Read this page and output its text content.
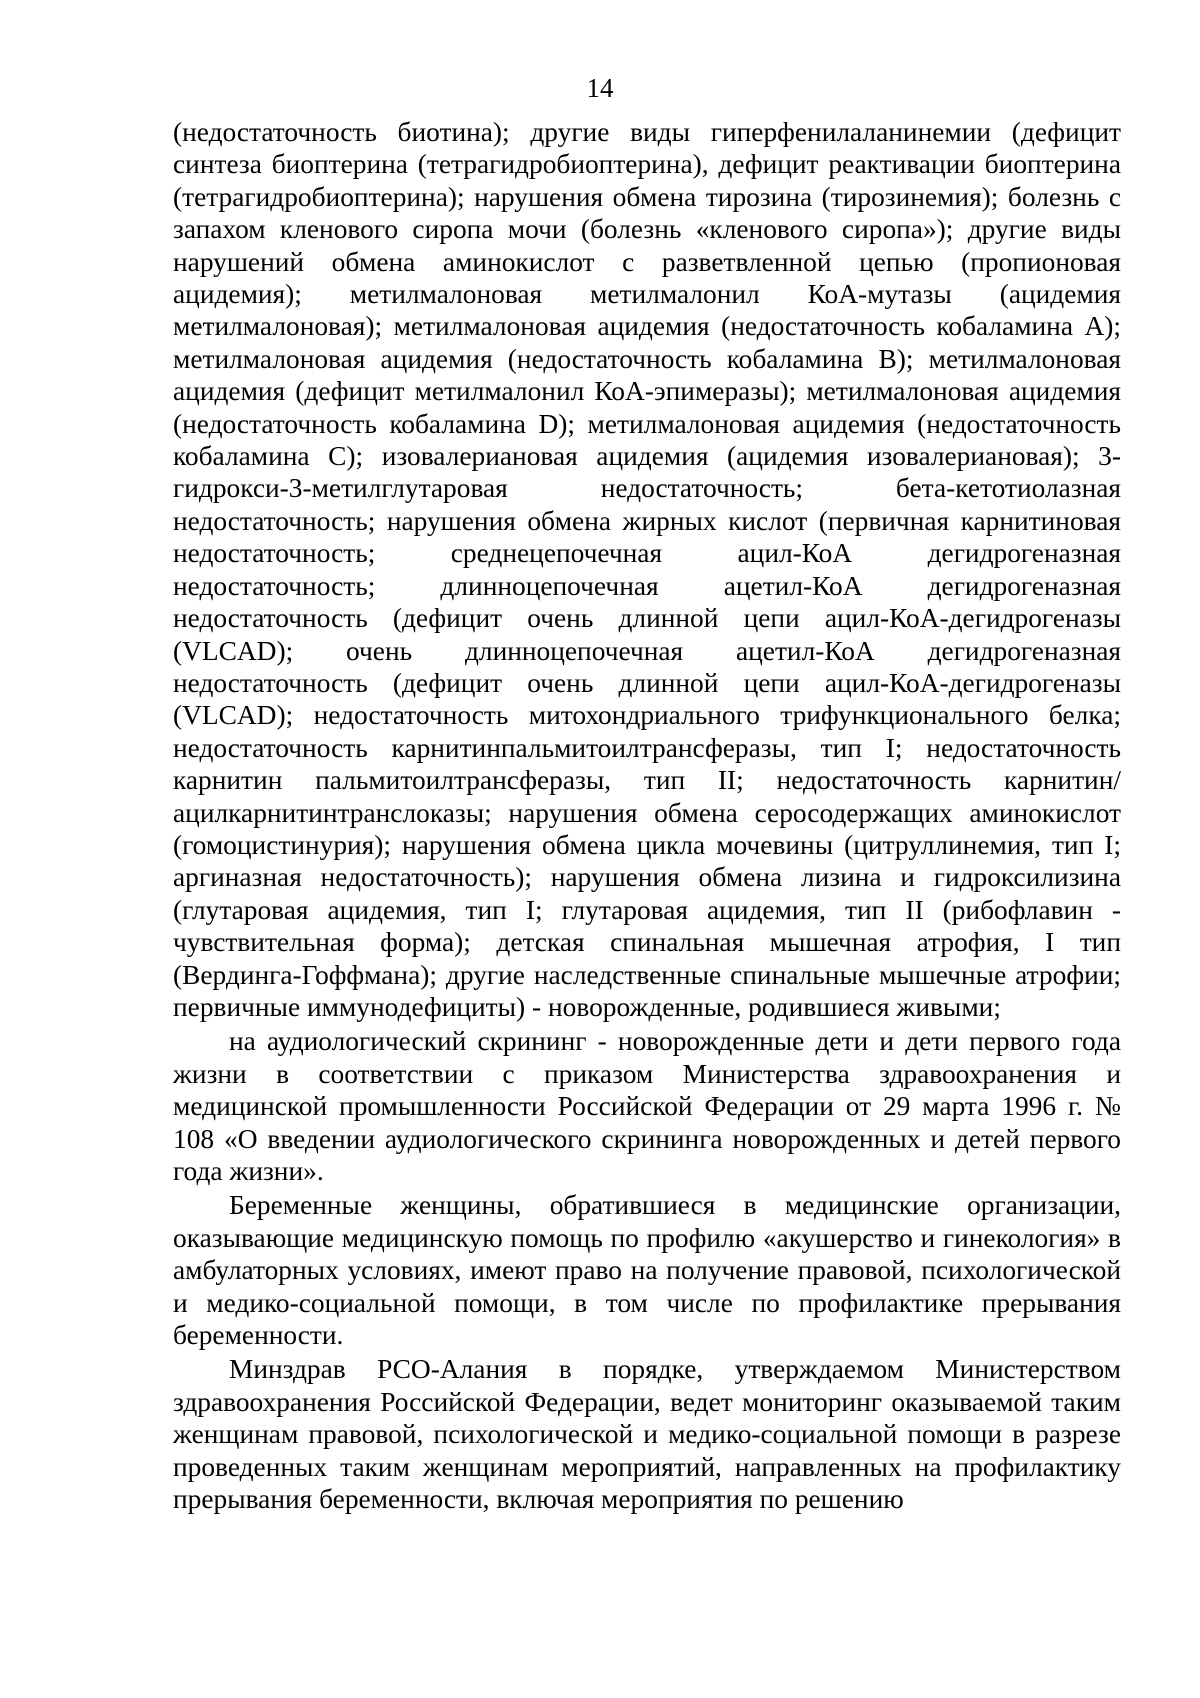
14

(недостаточность биотина); другие виды гиперфенилаланинемии (дефицит синтеза биоптерина (тетрагидробиоптерина), дефицит реактивации биоптерина (тетрагидробиоптерина); нарушения обмена тирозина (тирозинемия); болезнь с запахом кленового сиропа мочи (болезнь «кленового сиропа»); другие виды нарушений обмена аминокислот с разветвленной цепью (пропионовая ацидемия); метилмалоновая метилмалонил КоА-мутазы (ацидемия метилмалоновая); метилмалоновая ацидемия (недостаточность кобаламина А); метилмалоновая ацидемия (недостаточность кобаламина В); метилмалоновая ацидемия (дефицит метилмалонил КоА-эпимеразы); метилмалоновая ацидемия (недостаточность кобаламина D); метилмалоновая ацидемия (недостаточность кобаламина С); изовалериановая ацидемия (ацидемия изовалериановая); 3-гидрокси-3-метилглутаровая недостаточность; бета-кетотиолазная недостаточность; нарушения обмена жирных кислот (первичная карнитиновая недостаточность; среднецепочечная ацил-КоА дегидрогеназная недостаточность; длинноцепочечная ацетил-КоА дегидрогеназная недостаточность (дефицит очень длинной цепи ацил-КоА-дегидрогеназы (VLCAD); очень длинноцепочечная ацетил-КоА дегидрогеназная недостаточность (дефицит очень длинной цепи ацил-КоА-дегидрогеназы (VLCAD); недостаточность митохондриального трифункционального белка; недостаточность карнитинпальмитоилтрансферазы, тип I; недостаточность карнитин пальмитоилтрансферазы, тип II; недостаточность карнитин/ацилкарнитинтранслоказы; нарушения обмена серосодержащих аминокислот (гомоцистинурия); нарушения обмена цикла мочевины (цитруллинемия, тип I; аргиназная недостаточность); нарушения обмена лизина и гидроксилизина (глутаровая ацидемия, тип I; глутаровая ацидемия, тип II (рибофлавин - чувствительная форма); детская спинальная мышечная атрофия, I тип (Вердинга-Гоффмана); другие наследственные спинальные мышечные атрофии; первичные иммунодефициты) - новорожденные, родившиеся живыми;

на аудиологический скрининг - новорожденные дети и дети первого года жизни в соответствии с приказом Министерства здравоохранения и медицинской промышленности Российской Федерации от 29 марта 1996 г. № 108 «О введении аудиологического скрининга новорожденных и детей первого года жизни».

Беременные женщины, обратившиеся в медицинские организации, оказывающие медицинскую помощь по профилю «акушерство и гинекология» в амбулаторных условиях, имеют право на получение правовой, психологической и медико-социальной помощи, в том числе по профилактике прерывания беременности.

Минздрав РСО-Алания в порядке, утверждаемом Министерством здравоохранения Российской Федерации, ведет мониторинг оказываемой таким женщинам правовой, психологической и медико-социальной помощи в разрезе проведенных таким женщинам мероприятий, направленных на профилактику прерывания беременности, включая мероприятия по решению
